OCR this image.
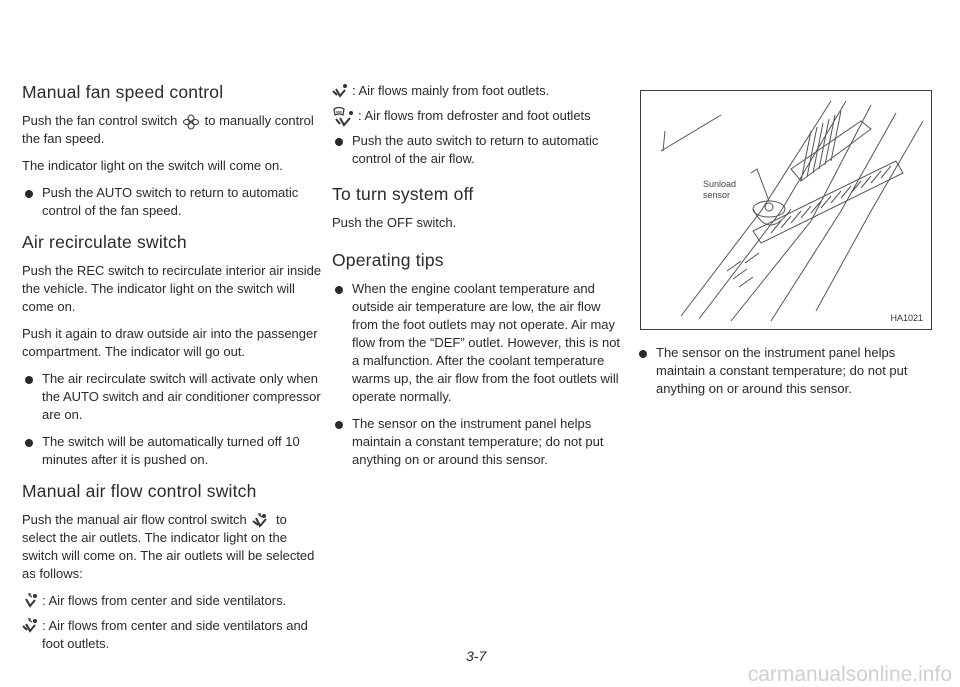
Manual fan speed control

Push the fan control switch to manually control the fan speed.

The indicator light on the switch will come on.

Push the AUTO switch to return to automatic control of the fan speed.
Air recirculate switch

Push the REC switch to recirculate interior air inside the vehicle. The indicator light on the switch will come on.

Push it again to draw outside air into the passenger compartment. The indicator will go out.

The air recirculate switch will activate only when the AUTO switch and air conditioner compressor are on.
The switch will be automatically turned off 10 minutes after it is pushed on.
Manual air flow control switch

Push the manual air flow control switch to select the air outlets. The indicator light on the switch will come on. The air outlets will be selected as follows:

: Air flows from center and side ventilators.
: Air flows from center and side ventilators and foot outlets.
: Air flows mainly from foot outlets.
: Air flows from defroster and foot outlets
Push the auto switch to return to automatic control of the air flow.
To turn system off

Push the OFF switch.

Operating tips
When the engine coolant temperature and outside air temperature are low, the air flow from the foot outlets may not operate. Air may flow from the “DEF” outlet. However, this is not a malfunction. After the coolant temperature warms up, the air flow from the foot outlets will operate normally.
The sensor on the instrument panel helps maintain a constant temperature; do not put anything on or around this sensor.
Sunload
sensor
HA1021
The sensor on the instrument panel helps maintain a constant temperature; do not put anything on or around this sensor.
3-7
carmanualsonline.info
